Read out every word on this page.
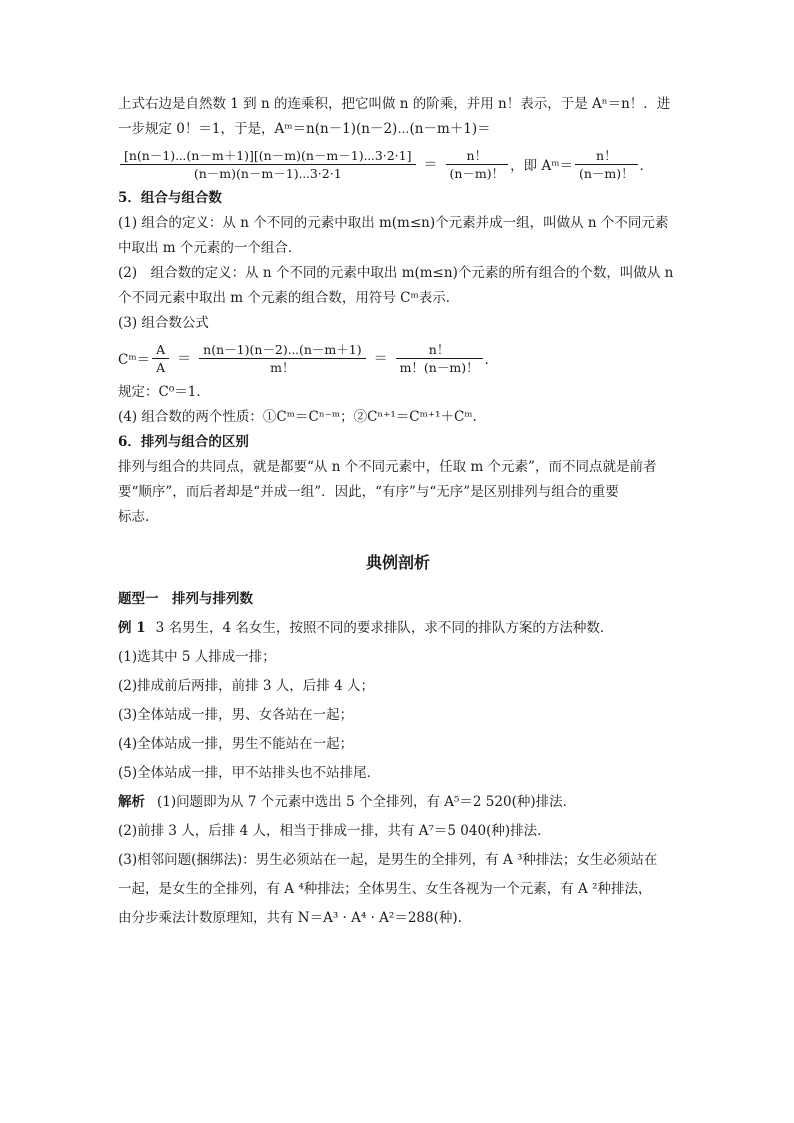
上式右边是自然数 1 到 n 的连乘积，把它叫做 n 的阶乘，并用 n！表示，于是 Aⁿ＝n！．进
一步规定 0！＝1，于是，Aᵐ＝n(n－1)(n－2)⋯(n－m＋1)＝
$\frac{[n(n-1)\cdots(n-m+1)][(n-m)(n-m-1)\cdots 3\cdot 2\cdot 1]}{(n-m)(n-m-1)\cdots 3\cdot 2\cdot 1} = \frac{n!}{(n-m)!}$ ，即 Aᵐ＝ $\frac{n!}{(n-m)!}$ ．
5．组合与组合数
(1) 组合的定义：从 n 个不同的元素中取出 m(m≤n)个元素并成一组，叫做从 n 个不同元素
中取出 m 个元素的一个组合．
(2)　组合数的定义：从 n 个不同的元素中取出 m(m≤n)个元素的所有组合的个数，叫做从 n
个不同元素中取出 m 个元素的组合数，用符号 Cᵐ表示．
(3) 组合数公式
Cᵐ＝ $\frac{A}{A} = \frac{n(n-1)(n-2)\cdots(n-m+1)}{m!} = \frac{n!}{m!(n-m)!}$ ．
规定：C⁰＝1．
(4) 组合数的两个性质：①Cᵐ＝Cⁿ⁻ᵐ；②Cⁿ⁺¹＝Cᵐ⁺¹＋Cᵐ.
6．排列与组合的区别
排列与组合的共同点，就是都要“从 n 个不同元素中，任取 m 个元素”，而不同点就是前者
要“顺序”，而后者却是“并成一组”．因此，“有序”与“无序”是区别排列与组合的重要
标志.
典例剖析
题型一　排列与排列数
例 1 3 名男生，4 名女生，按照不同的要求排队，求不同的排队方案的方法种数．
(1)选其中 5 人排成一排；
(2)排成前后两排，前排 3 人，后排 4 人；
(3)全体站成一排，男、女各站在一起；
(4)全体站成一排，男生不能站在一起；
(5)全体站成一排，甲不站排头也不站排尾．
解析 (1)问题即为从 7 个元素中选出 5 个全排列，有 A⁵＝2 520(种)排法．
(2)前排 3 人，后排 4 人，相当于排成一排，共有 A⁷＝5 040(种)排法．
(3)相邻问题(捆绑法)：男生必须站在一起，是男生的全排列，有 A ³种排法；女生必须站在
一起，是女生的全排列，有 A ⁴种排法；全体男生、女生各视为一个元素，有 A ²种排法，
由分步乘法计数原理知，共有 N＝A³ · A⁴ · A²＝288(种).
